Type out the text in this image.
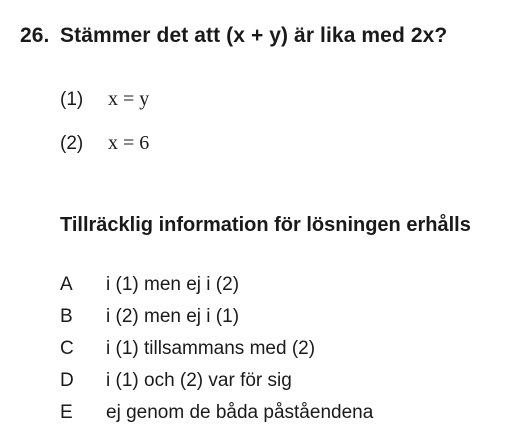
26. Stämmer det att (x + y) är lika med 2x?
(1) x = y
(2) x = 6
Tillräcklig information för lösningen erhålls
A	i (1) men ej i (2)
B	i (2) men ej i (1)
C	i (1) tillsammans med (2)
D	i (1) och (2) var för sig
E	ej genom de båda påståendena
